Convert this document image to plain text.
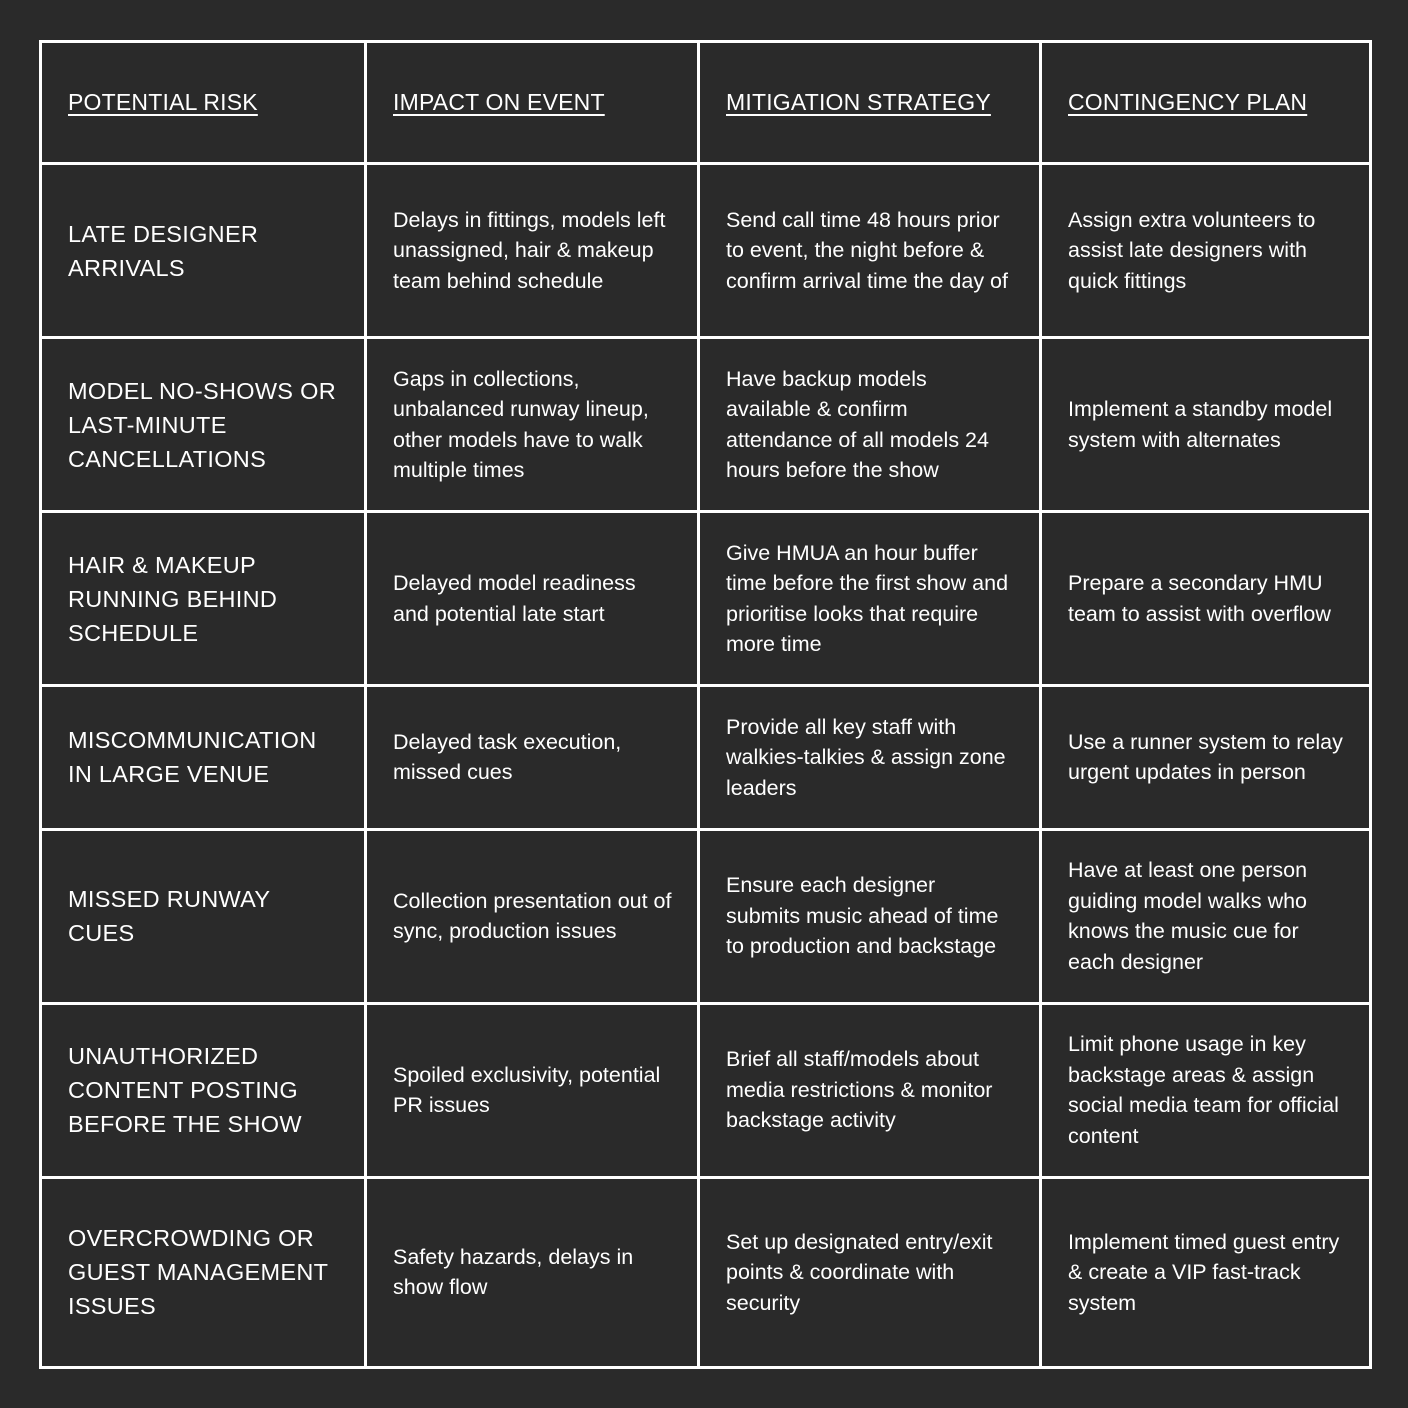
POTENTIAL RISK	IMPACT ON EVENT	MITIGATION STRATEGY	CONTINGENCY PLAN
LATE DESIGNER ARRIVALS	Delays in fittings, models left unassigned, hair & makeup team behind schedule	Send call time 48 hours prior to event, the night before & confirm arrival time the day of	Assign extra volunteers to assist late designers with quick fittings
MODEL NO-SHOWS OR LAST-MINUTE CANCELLATIONS	Gaps in collections, unbalanced runway lineup, other models have to walk multiple times	Have backup models available & confirm attendance of all models 24 hours before the show	Implement a standby model system with alternates
HAIR & MAKEUP RUNNING BEHIND SCHEDULE	Delayed model readiness and potential late start	Give HMUA an hour buffer time before the first show and prioritise looks that require more time	Prepare a secondary HMU team to assist with overflow
MISCOMMUNICATION IN LARGE VENUE	Delayed task execution, missed cues	Provide all key staff with walkies-talkies & assign zone leaders	Use a runner system to relay urgent updates in person
MISSED RUNWAY CUES	Collection presentation out of sync, production issues	Ensure each designer submits music ahead of time to production and backstage	Have at least one person guiding model walks who knows the music cue for each designer
UNAUTHORIZED CONTENT POSTING BEFORE THE SHOW	Spoiled exclusivity, potential PR issues	Brief all staff/models about media restrictions & monitor backstage activity	Limit phone usage in key backstage areas & assign social media team for official content
OVERCROWDING OR GUEST MANAGEMENT ISSUES	Safety hazards, delays in show flow	Set up designated entry/exit points & coordinate with security	Implement timed guest entry & create a VIP fast-track system
